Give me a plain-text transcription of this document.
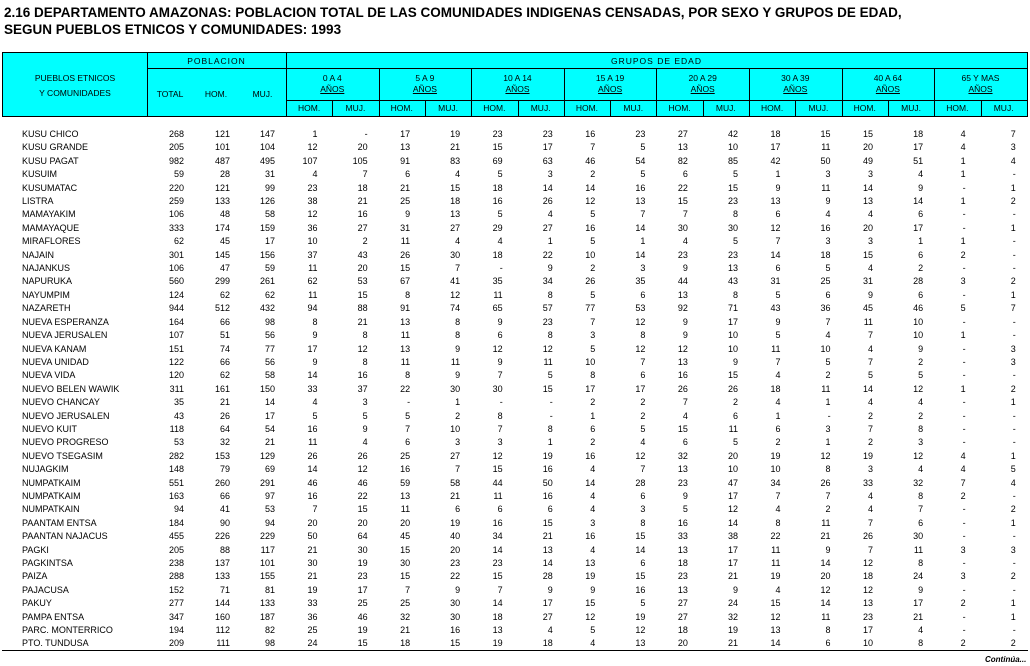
2.16 DEPARTAMENTO AMAZONAS: POBLACION TOTAL DE LAS COMUNIDADES INDIGENAS CENSADAS, POR SEXO Y GRUPOS DE EDAD,
SEGUN PUEBLOS ETNICOS Y COMUNIDADES: 1993
PUEBLOS ETNICOS
Y COMUNIDADES
POBLACION
TOTAL	HOM.	MUJ.
GRUPOS DE EDAD
0 A 4
AÑOS
HOM.	MUJ.
5 A 9
AÑOS
HOM.	MUJ.
10 A 14
AÑOS
HOM.	MUJ.
15 A 19
AÑOS
HOM.	MUJ.
20 A 29
AÑOS
HOM.	MUJ.
30 A 39
AÑOS
HOM.	MUJ.
40 A 64
AÑOS
HOM.	MUJ.
65 Y MAS
AÑOS
HOM.	MUJ.
KUSU CHICO	268	121	147	1	-	17	19	23	23	16	23	27	42	18	15	15	18	4	7
KUSU GRANDE	205	101	104	12	20	13	21	15	17	7	5	13	10	17	11	20	17	4	3
KUSU PAGAT	982	487	495	107	105	91	83	69	63	46	54	82	85	42	50	49	51	1	4
KUSUIM	59	28	31	4	7	6	4	5	3	2	5	6	5	1	3	3	4	1	-
KUSUMATAC	220	121	99	23	18	21	15	18	14	14	16	22	15	9	11	14	9	-	1
LISTRA	259	133	126	38	21	25	18	16	26	12	13	15	23	13	9	13	14	1	2
MAMAYAKIM	106	48	58	12	16	9	13	5	4	5	7	7	8	6	4	4	6	-	-
MAMAYAQUE	333	174	159	36	27	31	27	29	27	16	14	30	30	12	16	20	17	-	1
MIRAFLORES	62	45	17	10	2	11	4	4	1	5	1	4	5	7	3	3	1	1	-
NAJAIN	301	145	156	37	43	26	30	18	22	10	14	23	23	14	18	15	6	2	-
NAJANKUS	106	47	59	11	20	15	7	-	9	2	3	9	13	6	5	4	2	-	-
NAPURUKA	560	299	261	62	53	67	41	35	34	26	35	44	43	31	25	31	28	3	2
NAYUMPIM	124	62	62	11	15	8	12	11	8	5	6	13	8	5	6	9	6	-	1
NAZARETH	944	512	432	94	88	91	74	65	57	77	53	92	71	43	36	45	46	5	7
NUEVA ESPERANZA	164	66	98	8	21	13	8	9	23	7	12	9	17	9	7	11	10	-	-
NUEVA JERUSALEN	107	51	56	9	8	11	8	6	8	3	8	9	10	5	4	7	10	1	-
NUEVA KANAM	151	74	77	17	12	13	9	12	12	5	12	12	10	11	10	4	9	-	3
NUEVA UNIDAD	122	66	56	9	8	11	11	9	11	10	7	13	9	7	5	7	2	-	3
NUEVA VIDA	120	62	58	14	16	8	9	7	5	8	6	16	15	4	2	5	5	-	-
NUEVO BELEN WAWIK	311	161	150	33	37	22	30	30	15	17	17	26	26	18	11	14	12	1	2
NUEVO CHANCAY	35	21	14	4	3	-	1	-	-	2	2	7	2	4	1	4	4	-	1
NUEVO JERUSALEN	43	26	17	5	5	5	2	8	-	1	2	4	6	1	-	2	2	-	-
NUEVO KUIT	118	64	54	16	9	7	10	7	8	6	5	15	11	6	3	7	8	-	-
NUEVO PROGRESO	53	32	21	11	4	6	3	3	1	2	4	6	5	2	1	2	3	-	-
NUEVO TSEGASIM	282	153	129	26	26	25	27	12	19	16	12	32	20	19	12	19	12	4	1
NUJAGKIM	148	79	69	14	12	16	7	15	16	4	7	13	10	10	8	3	4	4	5
NUMPATKAIM	551	260	291	46	46	59	58	44	50	14	28	23	47	34	26	33	32	7	4
NUMPATKAIM	163	66	97	16	22	13	21	11	16	4	6	9	17	7	7	4	8	2	-
NUMPATKAIN	94	41	53	7	15	11	6	6	6	4	3	5	12	4	2	4	7	-	2
PAANTAM ENTSA	184	90	94	20	20	20	19	16	15	3	8	16	14	8	11	7	6	-	1
PAANTAN NAJACUS	455	226	229	50	64	45	40	34	21	16	15	33	38	22	21	26	30	-	-
PAGKI	205	88	117	21	30	15	20	14	13	4	14	13	17	11	9	7	11	3	3
PAGKINTSA	238	137	101	30	19	30	23	23	14	13	6	18	17	11	14	12	8	-	-
PAIZA	288	133	155	21	23	15	22	15	28	19	15	23	21	19	20	18	24	3	2
PAJACUSA	152	71	81	19	17	7	9	7	9	9	16	13	9	4	12	12	9	-	-
PAKUY	277	144	133	33	25	25	30	14	17	15	5	27	24	15	14	13	17	2	1
PAMPA ENTSA	347	160	187	36	46	32	30	18	27	12	19	27	32	12	11	23	21	-	1
PARC. MONTERRICO	194	112	82	25	19	21	16	13	4	5	12	18	19	13	8	17	4	-	-
PTO. TUNDUSA	209	111	98	24	15	18	15	19	18	4	13	20	21	14	6	10	8	2	2
Continúa...
